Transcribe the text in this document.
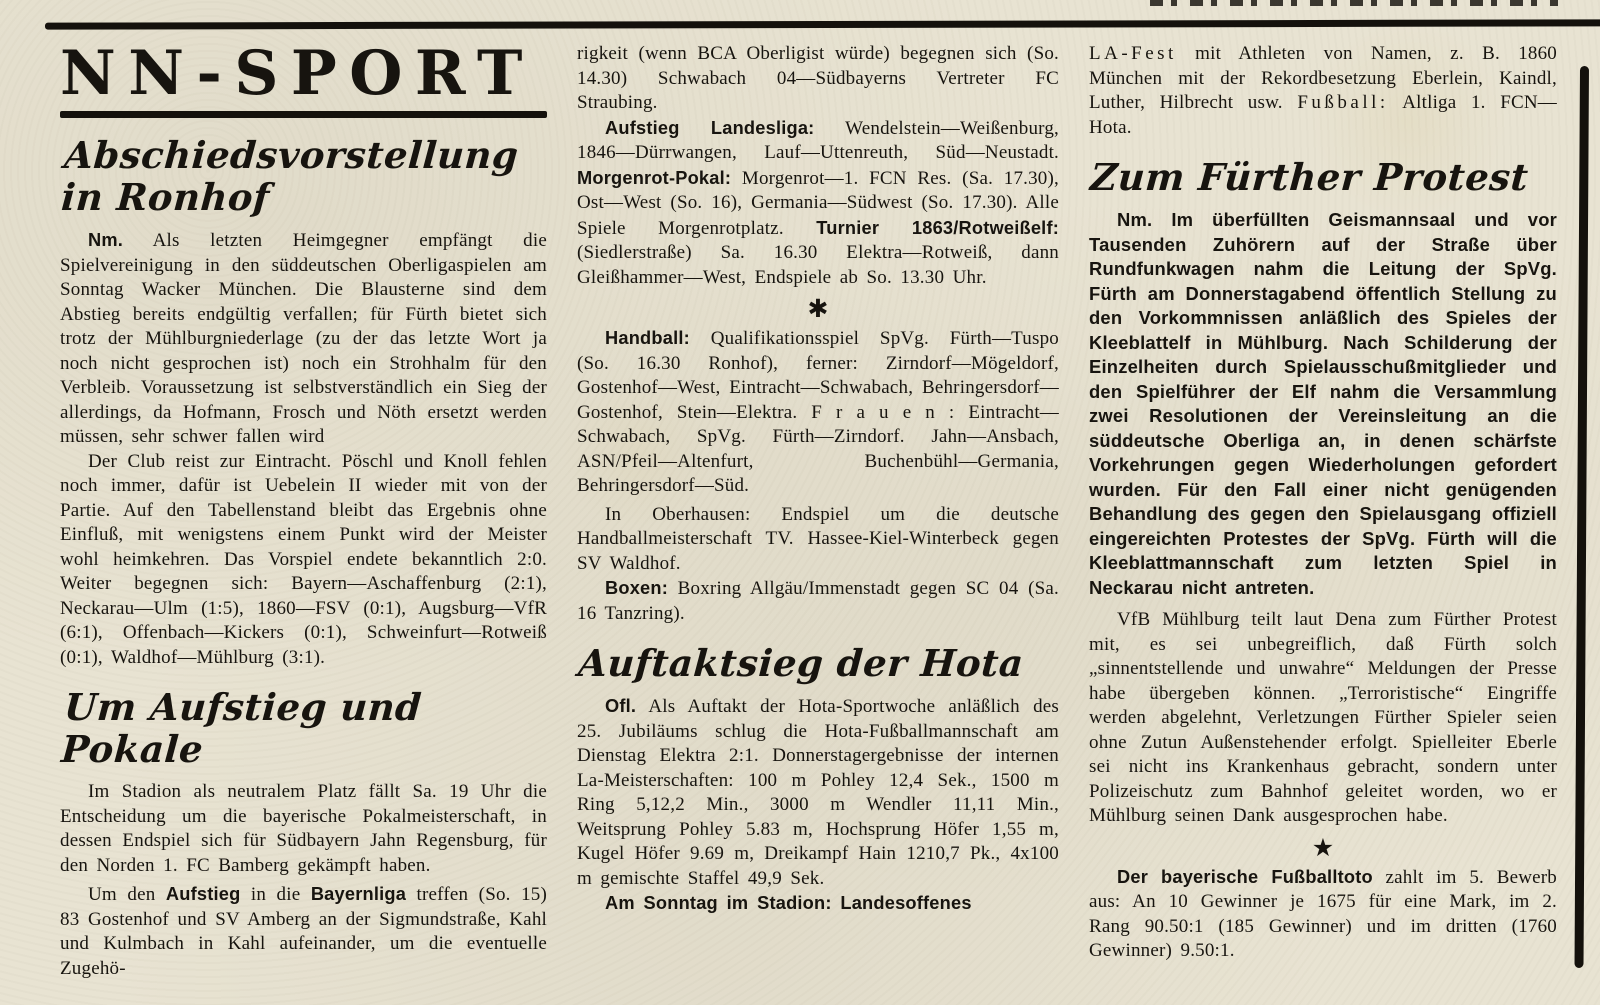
NN-SPORT
Abschiedsvorstellung in Ronhof

Nm. Als letzten Heimgegner empfängt die Spielvereinigung in den süddeutschen Oberligaspielen am Sonntag Wacker München. Die Blausterne sind dem Abstieg bereits endgültig verfallen; für Fürth bietet sich trotz der Mühlburgniederlage (zu der das letzte Wort ja noch nicht gesprochen ist) noch ein Strohhalm für den Verbleib. Voraussetzung ist selbstverständlich ein Sieg der allerdings, da Hofmann, Frosch und Nöth ersetzt werden müssen, sehr schwer fallen wird

Der Club reist zur Eintracht. Pöschl und Knoll fehlen noch immer, dafür ist Uebelein II wieder mit von der Partie. Auf den Tabellenstand bleibt das Ergebnis ohne Einfluß, mit wenigstens einem Punkt wird der Meister wohl heimkehren. Das Vorspiel endete bekanntlich 2:0. Weiter begegnen sich: Bayern—Aschaffenburg (2:1), Neckarau—Ulm (1:5), 1860—FSV (0:1), Augsburg—VfR (6:1), Offenbach—Kickers (0:1), Schweinfurt—Rotweiß (0:1), Waldhof—Mühlburg (3:1).

Um Aufstieg und Pokale

Im Stadion als neutralem Platz fällt Sa. 19 Uhr die Entscheidung um die bayerische Pokalmeisterschaft, in dessen Endspiel sich für Südbayern Jahn Regensburg, für den Norden 1. FC Bamberg gekämpft haben.

Um den Aufstieg in die Bayernliga treffen (So. 15) 83 Gostenhof und SV Amberg an der Sigmundstraße, Kahl und Kulmbach in Kahl aufeinander, um die eventuelle Zugehö-

rigkeit (wenn BCA Oberligist würde) begegnen sich (So. 14.30) Schwabach 04—Südbayerns Vertreter FC Straubing.

Aufstieg Landesliga: Wendelstein—Weißenburg, 1846—Dürrwangen, Lauf—Uttenreuth, Süd—Neustadt. Morgenrot-Pokal: Morgenrot—1. FCN Res. (Sa. 17.30), Ost—West (So. 16), Germania—Südwest (So. 17.30). Alle Spiele Morgenrotplatz. Turnier 1863/Rotweißelf: (Siedlerstraße) Sa. 16.30 Elektra—Rotweiß, dann Gleißhammer—West, Endspiele ab So. 13.30 Uhr.

✱

Handball: Qualifikationsspiel SpVg. Fürth—Tuspo (So. 16.30 Ronhof), ferner: Zirndorf—Mögeldorf, Gostenhof—West, Eintracht—Schwabach, Behringersdorf—Gostenhof, Stein—Elektra. F r a u e n : Eintracht—Schwabach, SpVg. Fürth—Zirndorf. Jahn—Ansbach, ASN/Pfeil—Altenfurt, Buchenbühl—Germania, Behringersdorf—Süd.

In Oberhausen: Endspiel um die deutsche Handballmeisterschaft TV. Hassee-Kiel-Winterbeck gegen SV Waldhof.

Boxen: Boxring Allgäu/Immenstadt gegen SC 04 (Sa. 16 Tanzring).

Auftaktsieg der Hota

Ofl. Als Auftakt der Hota-Sportwoche anläßlich des 25. Jubiläums schlug die Hota-Fußballmannschaft am Dienstag Elektra 2:1. Donnerstagergebnisse der internen La-Meisterschaften: 100 m Pohley 12,4 Sek., 1500 m Ring 5,12,2 Min., 3000 m Wendler 11,11 Min., Weitsprung Pohley 5.83 m, Hochsprung Höfer 1,55 m, Kugel Höfer 9.69 m, Dreikampf Hain 1210,7 Pk., 4x100 m gemischte Staffel 49,9 Sek.

Am Sonntag im Stadion: Landesoffenes

LA-Fest mit Athleten von Namen, z. B. 1860 München mit der Rekordbesetzung Eberlein, Kaindl, Luther, Hilbrecht usw. Fußball: Altliga 1. FCN—Hota.

Zum Fürther Protest

Nm. Im überfüllten Geismannsaal und vor Tausenden Zuhörern auf der Straße über Rundfunkwagen nahm die Leitung der SpVg. Fürth am Donnerstagabend öffentlich Stellung zu den Vorkommnissen anläßlich des Spieles der Kleeblattelf in Mühlburg. Nach Schilderung der Einzelheiten durch Spielausschußmitglieder und den Spielführer der Elf nahm die Versammlung zwei Resolutionen der Vereinsleitung an die süddeutsche Oberliga an, in denen schärfste Vorkehrungen gegen Wiederholungen gefordert wurden. Für den Fall einer nicht genügenden Behandlung des gegen den Spielausgang offiziell eingereichten Protestes der SpVg. Fürth will die Kleeblattmannschaft zum letzten Spiel in Neckarau nicht antreten.

VfB Mühlburg teilt laut Dena zum Fürther Protest mit, es sei unbegreiflich, daß Fürth solch „sinnentstellende und unwahre“ Meldungen der Presse habe übergeben können. „Terroristische“ Eingriffe werden abgelehnt, Verletzungen Fürther Spieler seien ohne Zutun Außenstehender erfolgt. Spielleiter Eberle sei nicht ins Krankenhaus gebracht, sondern unter Polizeischutz zum Bahnhof geleitet worden, wo er Mühlburg seinen Dank ausgesprochen habe.

★

Der bayerische Fußballtoto zahlt im 5. Bewerb aus: An 10 Gewinner je 1675 für eine Mark, im 2. Rang 90.50:1 (185 Gewinner) und im dritten (1760 Gewinner) 9.50:1.
